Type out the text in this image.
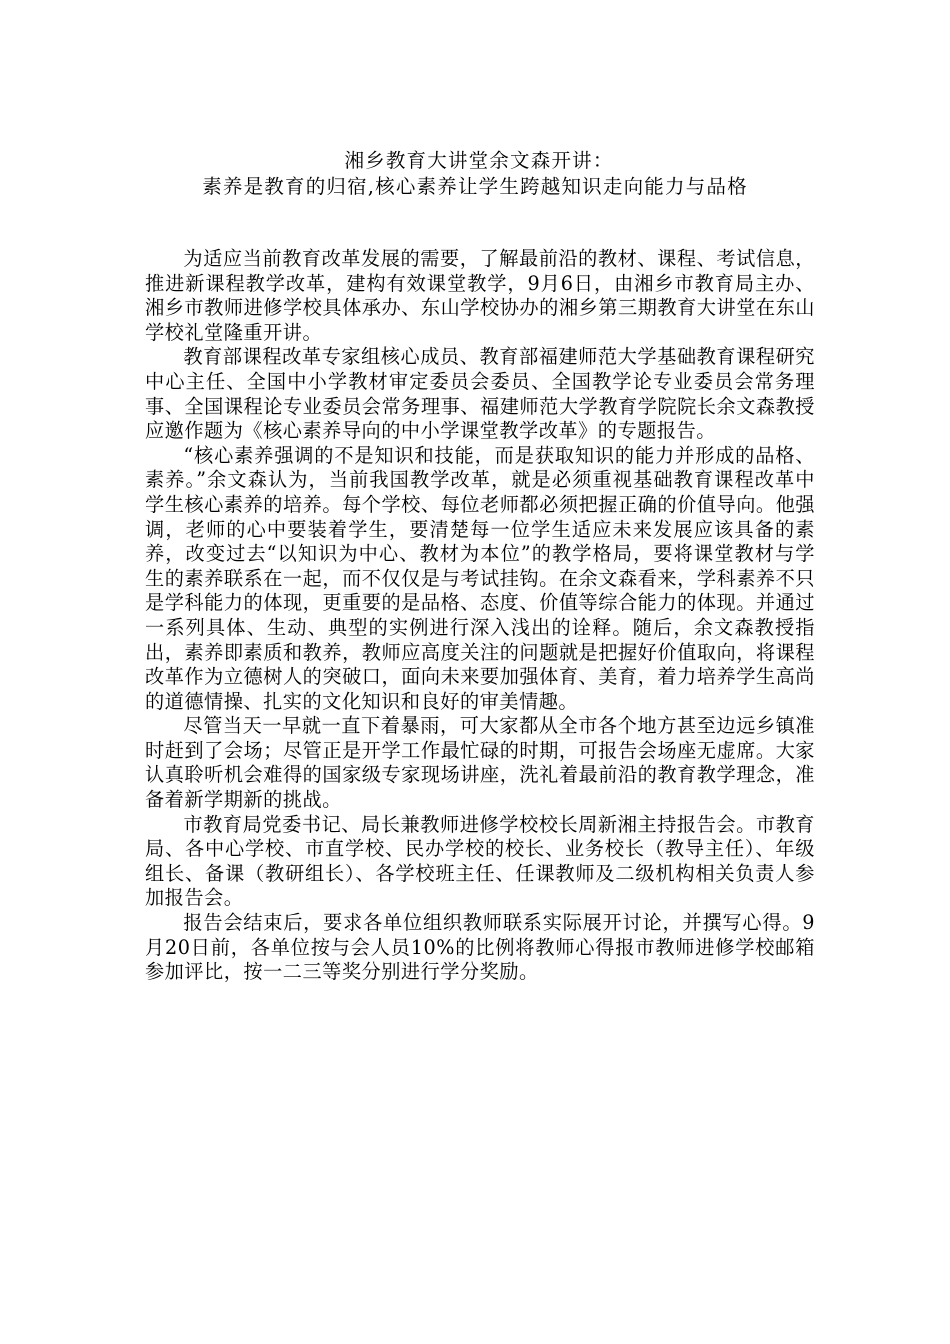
湘乡教育大讲堂余文森开讲：
素养是教育的归宿,核心素养让学生跨越知识走向能力与品格

为适应当前教育改革发展的需要，了解最前沿的教材、课程、考试信息，推进新课程教学改革，建构有效课堂教学，9月6日，由湘乡市教育局主办、湘乡市教师进修学校具体承办、东山学校协办的湘乡第三期教育大讲堂在东山学校礼堂隆重开讲。

教育部课程改革专家组核心成员、教育部福建师范大学基础教育课程研究中心主任、全国中小学教材审定委员会委员、全国教学论专业委员会常务理事、全国课程论专业委员会常务理事、福建师范大学教育学院院长余文森教授应邀作题为《核心素养导向的中小学课堂教学改革》的专题报告。

“核心素养强调的不是知识和技能，而是获取知识的能力并形成的品格、素养。”余文森认为，当前我国教学改革，就是必须重视基础教育课程改革中学生核心素养的培养。每个学校、每位老师都必须把握正确的价值导向。他强调，老师的心中要装着学生，要清楚每一位学生适应未来发展应该具备的素养，改变过去“以知识为中心、教材为本位”的教学格局，要将课堂教材与学生的素养联系在一起，而不仅仅是与考试挂钩。在余文森看来，学科素养不只是学科能力的体现，更重要的是品格、态度、价值等综合能力的体现。并通过一系列具体、生动、典型的实例进行深入浅出的诠释。随后，余文森教授指出，素养即素质和教养，教师应高度关注的问题就是把握好价值取向，将课程改革作为立德树人的突破口，面向未来要加强体育、美育，着力培养学生高尚的道德情操、扎实的文化知识和良好的审美情趣。

尽管当天一早就一直下着暴雨，可大家都从全市各个地方甚至边远乡镇准时赶到了会场；尽管正是开学工作最忙碌的时期，可报告会场座无虚席。大家认真聆听机会难得的国家级专家现场讲座，洗礼着最前沿的教育教学理念，准备着新学期新的挑战。

市教育局党委书记、局长兼教师进修学校校长周新湘主持报告会。市教育局、各中心学校、市直学校、民办学校的校长、业务校长（教导主任）、年级组长、备课（教研组长）、各学校班主任、任课教师及二级机构相关负责人参加报告会。

报告会结束后，要求各单位组织教师联系实际展开讨论，并撰写心得。9月20日前，各单位按与会人员10%的比例将教师心得报市教师进修学校邮箱参加评比，按一二三等奖分别进行学分奖励。
